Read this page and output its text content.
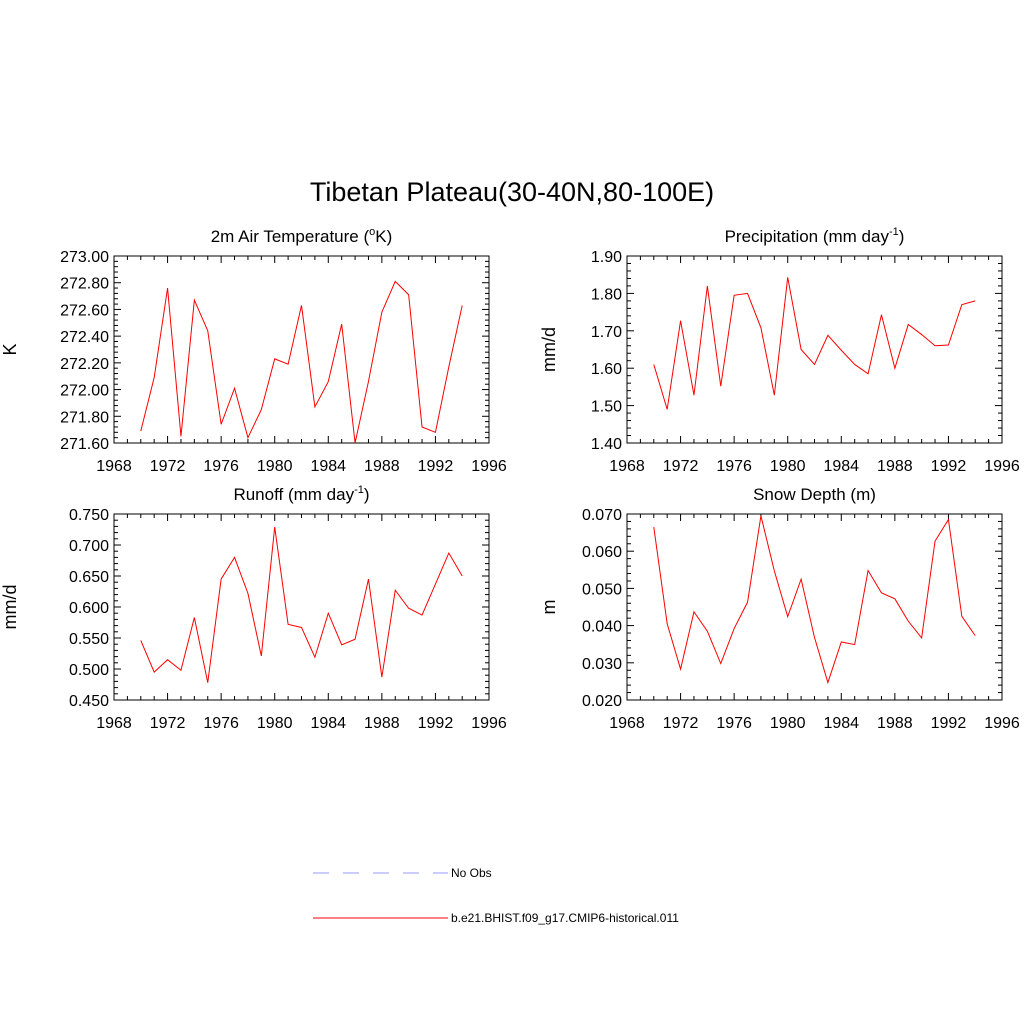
Tibetan Plateau(30-40N,80-100E)
1968 1972 1976 1980 1984 1988 1992 1996
271.60
271.80
272.00
272.20
272.40
272.60
272.80
273.00
K
2m Air Temperature ($^o$K)
1968 1972 1976 1980 1984 1988 1992 1996
1.40
1.50
1.60
1.70
1.80
1.90
mm/d
Precipitation (mm day$^{-1}$)
1968 1972 1976 1980 1984 1988 1992 1996
0.450
0.500
0.550
0.600
0.650
0.700
0.750
mm/d
Runoff (mm day$^{-1}$)
1968 1972 1976 1980 1984 1988 1992 1996
0.020
0.030
0.040
0.050
0.060
0.070
m
Snow Depth (m)
No Obs
b.e21.BHIST.f09_g17.CMIP6-historical.011
